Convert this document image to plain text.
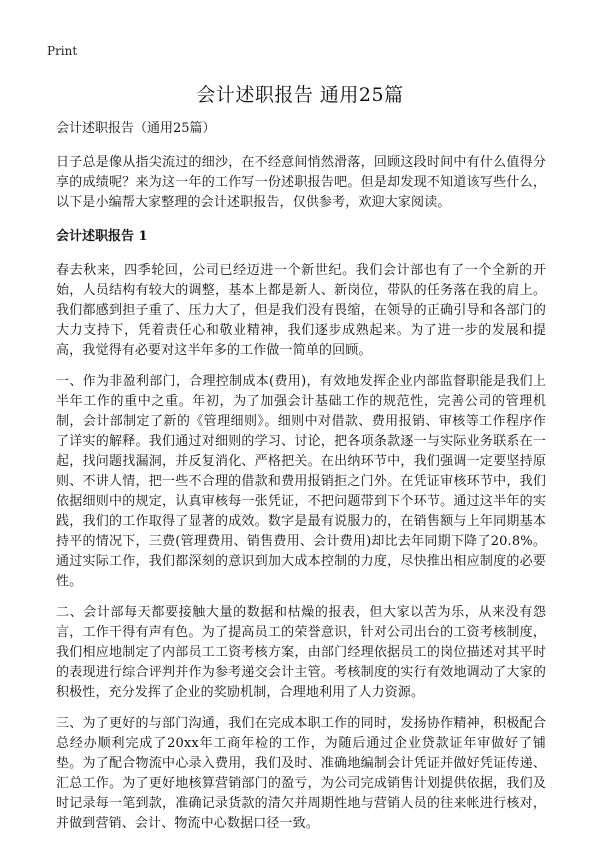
Print
会计述职报告 通用25篇
会计述职报告（通用25篇）

日子总是像从指尖流过的细沙，在不经意间悄然滑落，回顾这段时间中有什么值得分享的成绩呢？来为这一年的工作写一份述职报告吧。但是却发现不知道该写些什么，以下是小编帮大家整理的会计述职报告，仅供参考，欢迎大家阅读。

会计述职报告 1

春去秋来，四季轮回，公司已经迈进一个新世纪。我们会计部也有了一个全新的开始，人员结构有较大的调整，基本上都是新人、新岗位，带队的任务落在我的肩上。我们都感到担子重了、压力大了，但是我们没有畏缩，在领导的正确引导和各部门的大力支持下，凭着责任心和敬业精神，我们逐步成熟起来。为了进一步的发展和提高，我觉得有必要对这半年多的工作做一简单的回顾。

一、作为非盈利部门，合理控制成本(费用)，有效地发挥企业内部监督职能是我们上半年工作的重中之重。年初，为了加强会计基础工作的规范性，完善公司的管理机制，会计部制定了新的《管理细则》。细则中对借款、费用报销、审核等工作程序作了详实的解释。我们通过对细则的学习、讨论，把各项条款逐一与实际业务联系在一起，找问题找漏洞，并反复消化、严格把关。在出纳环节中，我们强调一定要坚持原则、不讲人情，把一些不合理的借款和费用报销拒之门外。在凭证审核环节中，我们依据细则中的规定，认真审核每一张凭证，不把问题带到下个环节。通过这半年的实践，我们的工作取得了显著的成效。数字是最有说服力的，在销售额与上年同期基本持平的情况下，三费(管理费用、销售费用、会计费用)却比去年同期下降了20.8%。通过实际工作，我们都深刻的意识到加大成本控制的力度，尽快推出相应制度的必要性。

二、会计部每天都要接触大量的数据和枯燥的报表，但大家以苦为乐，从来没有怨言，工作干得有声有色。为了提高员工的荣誉意识，针对公司出台的工资考核制度，我们相应地制定了内部员工工资考核方案，由部门经理依据员工的岗位描述对其平时的表现进行综合评判并作为参考递交会计主管。考核制度的实行有效地调动了大家的积极性，充分发挥了企业的奖励机制，合理地利用了人力资源。

三、为了更好的与部门沟通，我们在完成本职工作的同时，发扬协作精神，积极配合总经办顺利完成了20xx年工商年检的工作，为随后通过企业贷款证年审做好了铺垫。为了配合物流中心录入费用，我们及时、准确地编制会计凭证并做好凭证传递、汇总工作。为了更好地核算营销部门的盈亏，为公司完成销售计划提供依据，我们及时记录每一笔到款，准确记录货款的清欠并周期性地与营销人员的往来帐进行核对，并做到营销、会计、物流中心数据口径一致。
